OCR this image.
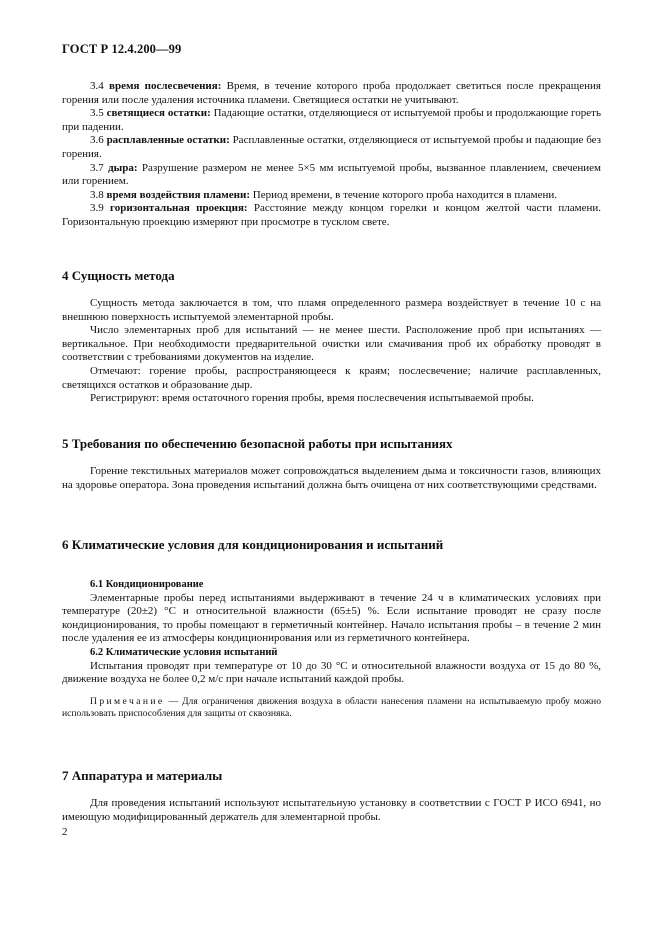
ГОСТ Р 12.4.200—99

3.4 время послесвечения: Время, в течение которого проба продолжает светиться после прекращения горения или после удаления источника пламени. Светящиеся остатки не учитывают.

3.5 светящиеся остатки: Падающие остатки, отделяющиеся от испытуемой пробы и продолжающие гореть при падении.

3.6 расплавленные остатки: Расплавленные остатки, отделяющиеся от испытуемой пробы и падающие без горения.

3.7 дыра: Разрушение размером не менее 5×5 мм испытуемой пробы, вызванное плавлением, свечением или горением.

3.8 время воздействия пламени: Период времени, в течение которого проба находится в пламени.

3.9 горизонтальная проекция: Расстояние между концом горелки и концом желтой части пламени. Горизонтальную проекцию измеряют при просмотре в тусклом свете.

4 Сущность метода

Сущность метода заключается в том, что пламя определенного размера воздействует в течение 10 с на внешнюю поверхность испытуемой элементарной пробы.

Число элементарных проб для испытаний — не менее шести. Расположение проб при испытаниях — вертикальное. При необходимости предварительной очистки или смачивания проб их обработку проводят в соответствии с требованиями документов на изделие.

Отмечают: горение пробы, распространяющееся к краям; послесвечение; наличие расплавленных, светящихся остатков и образование дыр.

Регистрируют: время остаточного горения пробы, время послесвечения испытываемой пробы.

5 Требования по обеспечению безопасной работы при испытаниях

Горение текстильных материалов может сопровождаться выделением дыма и токсичности газов, влияющих на здоровье оператора. Зона проведения испытаний должна быть очищена от них соответствующими средствами.

6 Климатические условия для кондиционирования и испытаний

6.1 Кондиционирование

Элементарные пробы перед испытаниями выдерживают в течение 24 ч в климатических условиях при температуре (20±2) °С и относительной влажности (65±5) %. Если испытание проводят не сразу после кондиционирования, то пробы помещают в герметичный контейнер. Начало испытания пробы – в течение 2 мин после удаления ее из атмосферы кондиционирования или из герметичного контейнера.

6.2 Климатические условия испытаний

Испытания проводят при температуре от 10 до 30 °С и относительной влажности воздуха от 15 до 80 %, движение воздуха не более 0,2 м/с при начале испытаний каждой пробы.

Примечание — Для ограничения движения воздуха в области нанесения пламени на испытываемую пробу можно использовать приспособления для защиты от сквозняка.

7 Аппаратура и материалы

Для проведения испытаний используют испытательную установку в соответствии с ГОСТ Р ИСО 6941, но имеющую модифицированный держатель для элементарной пробы.

2
